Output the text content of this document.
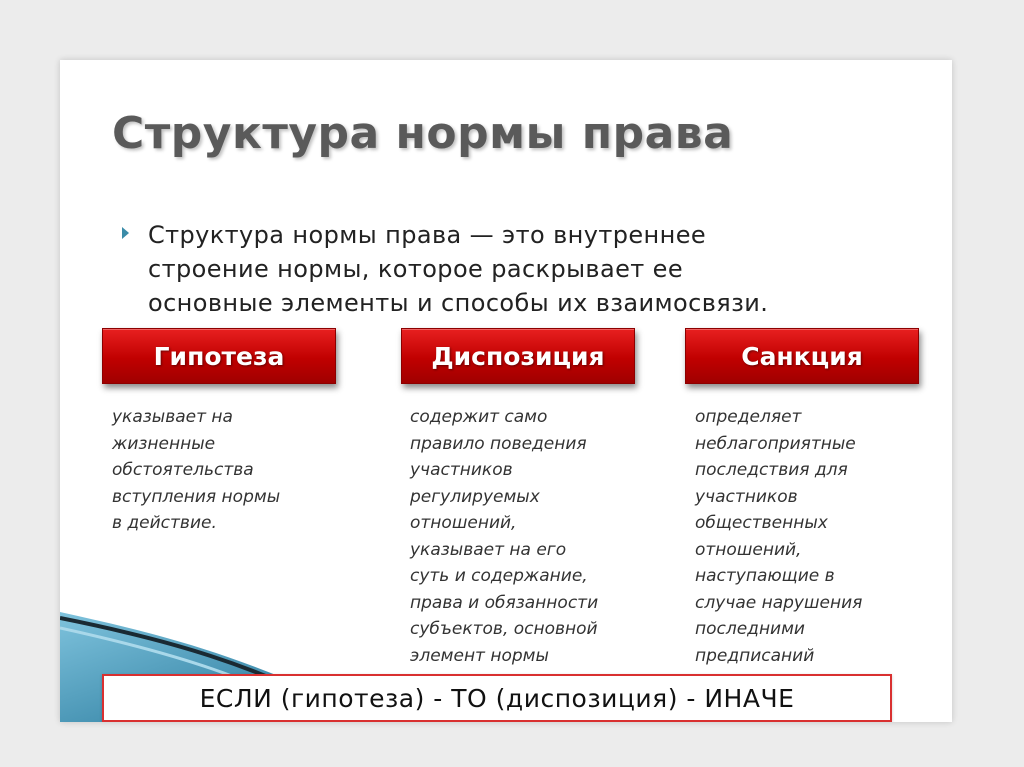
Структура нормы права
Структура нормы права — это внутреннее
строение нормы, которое раскрывает ее
основные элементы и способы их взаимосвязи.
Гипотеза
указывает на
жизненные
обстоятельства
вступления нормы
в действие.
Диспозиция
содержит само
правило поведения
участников
регулируемых
отношений,
указывает на его
суть и содержание,
права и обязанности
субъектов, основной
элемент нормы
Санкция
определяет
неблагоприятные
последствия для
участников
общественных
отношений,
наступающие в
случае нарушения
последними
предписаний
ЕСЛИ (гипотеза) - ТО (диспозиция) - ИНАЧЕ
